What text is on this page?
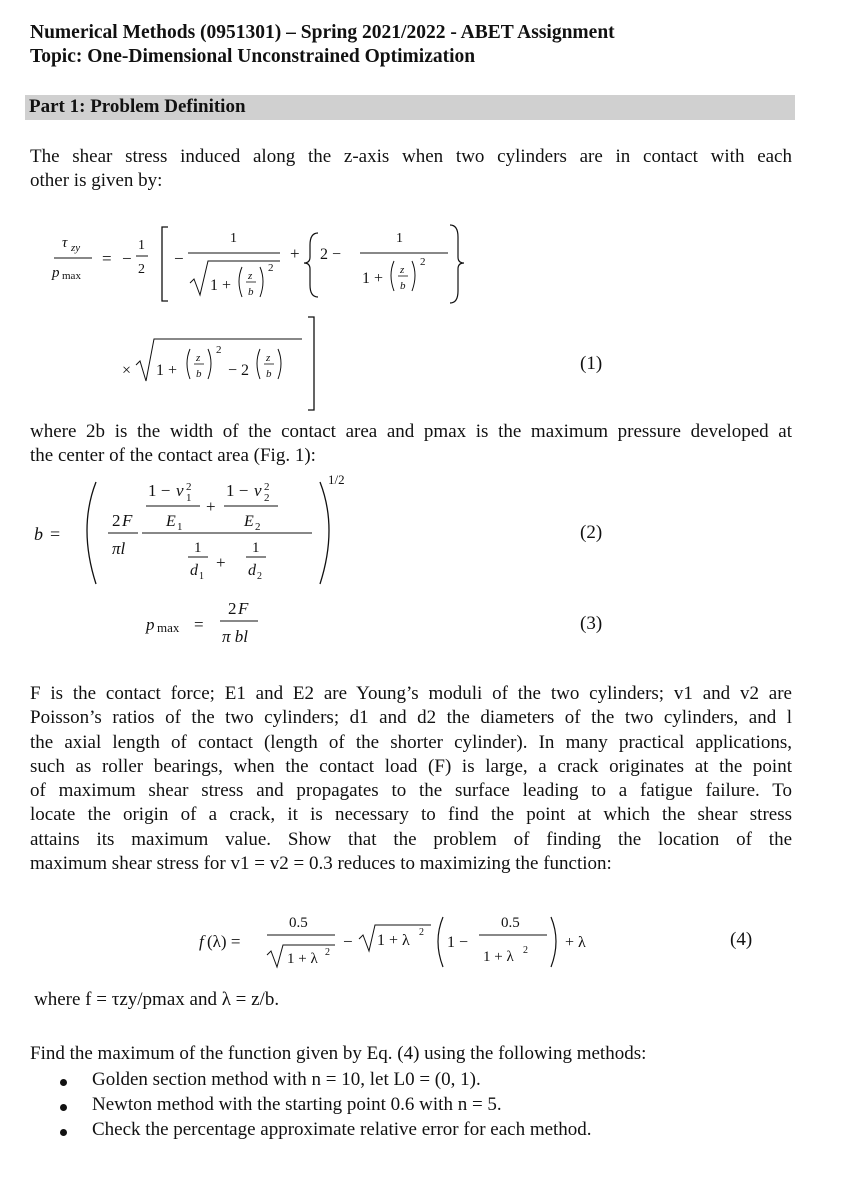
Numerical Methods (0951301) – Spring 2021/2022 - ABET Assignment
Topic: One-Dimensional Unconstrained Optimization
Part 1: Problem Definition
The shear stress induced along the z-axis when two cylinders are in contact with each
other is given by:
τ zy
p max
= −
1
2
−
1
1 +
z
b
2
+ 2 −
1
1 + z
b
2
× 1 +
z
b
2
− 2
z
b	(1)
where 2b is the width of the contact area and pmax is the maximum pressure developed at
the center of the contact area (Fig. 1):
b =
2 F
πl
1 − v 2
1
E 1
+
1 − v 2
2
E 2
1
d 1
+
1
d 2
1/2
(2)
p max =
2 F
π bl
(3)
F is the contact force; E1 and E2 are Young’s moduli of the two cylinders; v1 and v2 are
Poisson’s ratios of the two cylinders; d1 and d2 the diameters of the two cylinders, and l
the axial length of contact (length of the shorter cylinder). In many practical applications,
such as roller bearings, when the contact load (F) is large, a crack originates at the point
of maximum shear stress and propagates to the surface leading to a fatigue failure. To
locate the origin of a crack, it is necessary to find the point at which the shear stress
attains its maximum value. Show that the problem of finding the location of the
maximum shear stress for v1 = v2 = 0.3 reduces to maximizing the function:
f (λ) =
0.5
1 + λ 2
− 1 + λ 2
1 −
0.5
1 + λ 2 + λ	(4)
where f = τzy/pmax and λ = z/b.
Find the maximum of the function given by Eq. (4) using the following methods:
Golden section method with n = 10, let L0 = (0, 1).
Newton method with the starting point 0.6 with n = 5.
Check the percentage approximate relative error for each method.
